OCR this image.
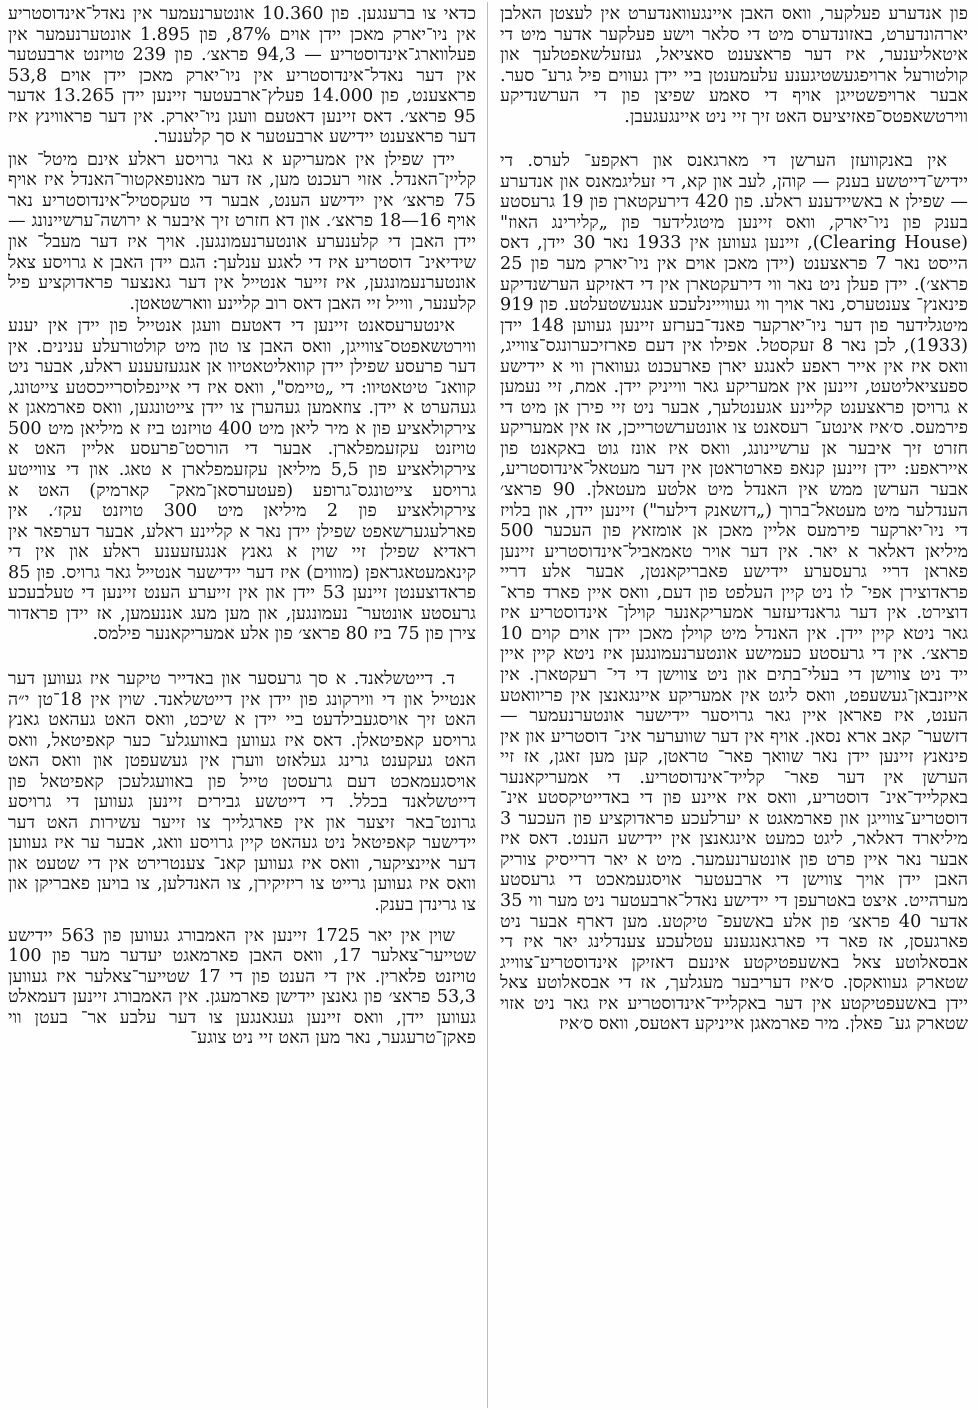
פון אנדערע פעלקער, וואס האבן איינגעוואנדערט אין לעצטן האלבן יארהונדערט, באזונדערס מיט די סלאר וישע פעלקער אדער מיט די איטאליענער, איז דער פראצענט סאציאל, געזעלשאפטלעך און קולטורעל ארויפגעשטיגענע עלעמענטן ביי יידן געווים פיל גרע־ סער. אבער ארויפשטייגן אויף די סאמע שפיצן פון די הערשנדיקע ווירטשאפטס־פאזיציעס האט זיך זיי ניט איינגעגעבן.

אין באנקוועזן הערשן די מארגאנס און ראקפע־ לערס. די יידיש־דייטשע בענק — קוהן, לעב און קא, די זעליגמאנס און אנדערע — שפילן א באשיידענע ראלע. פון 420 דירעקטארן פון 19 גרעסטע בענק פון ניו־יארק, וואס זיינען מיטגלידער פון „קלירינג האוז" (Clearing House), זיינען געווען אין 1933 נאר 30 יידן, דאס הייסט נאר 7 פראצענט (יידן מאכן אוים אין ניו־יארק מער פון 25 פראצ׳). יידן פעלן ניט נאר ווי דירעקטארן אין די דאזיקע הערשנדיקע פינאנץ־ צענטערס, נאר אויך ווי געווייינלעכע אנגעשטעלטע. פון 919 מיטגלידער פון דער ניו־יארקער פאנד־בערזע זיינען געווען 148 יידן (1933), לכן נאר 8 זעקסטל. אפילו אין דעם פארזיכערונגס־צווייג, וואס איז אין אייר ראפע לאנגע יארן פארעכנט געווארן ווי א יידישע ספעציאליטעט, זיינען אין אמעריקע גאר ווייניק יידן. אמת, זיי נעמען א גרויסן פראצענט קליינע אגענטלעך, אבער ניט זיי פירן אן מיט די פירמעס. ס׳איז אינטע־ רעסאנט צו אונטערשטרייכן, אז אין אמעריקע חזרט זיך איבער אן ערשיינונג, וואס איז אונז גוט באקאנט פון אייראפע: יידן זיינען קנאפ פארטראטן אין דער מעטאל־אינדוסטריע, אבער הערשן ממש אין האנדל מיט אלטע מעטאלן. 90 פראצ׳ הענדלער מיט מעטאל־ברוך („דזשאנק דילער") זיינען יידן, און בלויז די ניו־יארקער פירמעס אליין מאכן אן אומזאץ פון העכער 500 מיליאן דאלאר א יאר. אין דער אויר טאמאביל־אינדוסטריע זיינען פאראן דריי גרעסערע יידישע פאבריקאנטן, אבער אלע דריי פראדוצירן אפי־ לו ניט קיין העלפט פון דעם, וואס איין פארד פרא־ דוצירט. אין דער גראנדיעזער אמעריקאנער קוילן־ אינדוסטריע איז גאר ניטא קיין יידן. אין האנדל מיט קוילן מאכן יידן אוים קוים 10 פראצ׳. אין די גרעסטע כעמישע אונטערנעמונגען איז ניטא קיין איין ייד ניט צווישן די בעלי־בתים און ניט צווישן די די־ רעקטארן. אין אייזנבאן־געשעפט, וואס ליגט אין אמעריקע איינגאנצן אין פריוואטע הענט, איז פאראן איין גאר גרויסער יידישער אונטערנעמער — דזשער־ קאב ארא נסאן. אויף אין דער שווערער אינ־ דוסטריע און אין פינאנץ זיינען יידן נאר שוואך פאר־ טראטן, קען מען זאגן, אז זיי הערשן אין דער פאר־ קלייד־אינדוסטריע. די אמעריקאנער באקלייד־אינ־ דוסטריע, וואס איז איינע פון די באדייטיקסטע אינ־ דוסטריע־צווייגן און פארמאגט א יערלעכע פראדוקציע פון העכער 3 מיליארד דאלאר, ליגט כמעט אינגאנצן אין יידישע הענט. דאס איז אבער נאר איין פרט פון אונטערנעמער. מיט א יאר דרייסיק צוריק האבן יידן אויך צווישן די ארבעטער אויסגעמאכט די גרעסטע מערהייט. איצט באטרעפן די יידישע נאדל־ארבעטער ניט מער ווי 35 אדער 40 פראצ׳ פון אלע באשעפ־ טיקטע. מען דארף אבער ניט פארגעסן, אז פאר די פארגאנגענע עטלעכע צענדלינג יאר איז די אבסאלוטע צאל באשעפטיקטע אינעם דאזיקן אינדוסטריע־צווייג שטארק געוואקסן. ס׳איז דעריבער מעגלעך, אז די אבסאלוטע צאל יידן באשעפטיקטע אין דער באקלייד־אינדוסטריע איז גאר ניט אזוי שטארק גע־ פאלן. מיר פארמאגן אייניקע דאטעס, וואס ס׳איז

כדאי צו ברענגען. פון 10.360 אונטערנעמער אין נאדל־אינדוסטריע אין ניו־יארק מאכן יידן אוים 87%, פון 1.895 אונטערנעמער אין פעלווארג־אינדוסטריע — 94,3 פראצ׳. פון 239 טויזנט ארבעטער אין דער נאדל־אינדוסטריע אין ניו־יארק מאכן יידן אוים 53,8 פראצענט, פון 14.000 פעלץ־ארבעטער זיינען יידן 13.265 אדער 95 פראצ׳. דאס זיינען דאטעם וועגן ניו־יארק. אין דער פראווינץ איז דער פראצענט יידישע ארבעטער א סך קלענער.

יידן שפילן אין אמעריקע א גאר גרויסע ראלע אינם מיטל־ און קליין־האנדל. אזוי רעכנט מען, אז דער מאנופאקטור־האנדל איז אויף 75 פראצ׳ אין יידישע הענט, אבער די טעקסטיל־אינדוסטריע נאר אויף 16—18 פראצ׳. און דא חזרט זיך איבער א ירושה־ערשיינונג — יידן האבן די קלענערע אונטערנעמונגען. אויך איז דער מעבל־ און שידיאינ־ דוסטריע איז די לאגע ענלעך: הגם יידן האבן א גרויסע צאל אונטערנעמונגען, איז זייער אנטייל אין דער גאנצער פראדוקציע פיל קלענער, ווייל זיי האבן דאס רוב קליינע ווארשטאטן.

אינטערעסאנט זיינען די דאטעם וועגן אנטייל פון יידן אין יענע ווירטשאפטס־צווייגן, וואס האבן צו טון מיט קולטורעלע ענינים. אין דער פרעסע שפילן יידן קוואליטאטיוו אן אנגעזעענע ראלע, אבער ניט קוואנ־ טיטאטיוו: די „טיימס", וואס איז די איינפלוסרייכסטע צייטונג, געהערט א יידן. צוזאמען געהערן צו יידן צייטונגען, וואס פארמאגן א צירקולאציע פון א מיר ליאן מיט 400 טויזנט ביז א מיליאן מיט 500 טויזנט עקזעמפלארן. אבער די הורסט־פרעסע אליין האט א צירקולאציע פון 5,5 מיליאן עקזעמפלארן א טאג. און די צווייטע גרויסע צייטונגס־גרופע (פעטערסאן־מאק־ קארמיק) האט א צירקולאציע פון 2 מיליאן מיט 300 טויזנט עקז׳. אין פארלעגערשאפט שפילן יידן נאר א קליינע ראלע, אבער דערפאר אין ראדיא שפילן זיי שוין א גאנץ אנגעזעענע ראלע און אין די קינאמעטאגראפן (מוווים) איז דער יידישער אנטייל גאר גרויס. פון 85 פראדוצענטן זיינען 53 יידן און אין זייערע הענט זיינען די טעלבעכע גרעסטע אונטער־ נעמונגען, און מען מעג אננעמען, אז יידן פראדור צירן פון 75 ביז 80 פראצ׳ פון אלע אמעריקאנער פילמס.

ד. דייטשלאנד. א סך גרעסער און באדייר טיקער איז געווען דער אנטייל און די ווירקונג פון יידן אין דייטשלאנד. שוין אין 18־טן י״ה האט זיך אויסגעבילדעט ביי יידן א שיכט, וואס האט געהאט גאנץ גרויסע קאפיטאלן. דאס איז געווען באוועגלע־ כער קאפיטאל, וואס האט געקענט גרינג געלאזט ווערן אין געשעפטן און וואס האט אויסגעמאכט דעם גרעסטן טייל פון באוועגלעכן קאפיטאל פון דייטשלאנד בכלל. די דייטשע גבירים זיינען געווען די גרויסע גרונט־באר זיצער און אין פארגלייך צו זייער עשירות האט דער יידישער קאפיטאל ניט געהאט קיין גרויסע וואג, אבער ער איז געווען דער איינציקער, וואס איז געווען קאנ־ צענטרירט אין די שטעט און וואס איז געווען גרייט צו ריזיקירן, צו האנדלען, צו בויען פאבריקן און צו גרינדן בענק.

שוין אין יאר 1725 זיינען אין האמבורג געווען פון 563 יידישע שטייער־צאלער 17, וואס האבן פארמאגט יעדער מער פון 100 טויזנט פלארין. אין די הענט פון די 17 שטייער־צאלער איז געווען 53,3 פראצ׳ פון גאנצן יידישן פארמעגן. אין האמבורג זיינען דעמאלט געווען יידן, וואס זיינען געגאנגען צו דער עלבע אר־ בעטן ווי פאקן־טרעגער, נאר מען האט זיי ניט צוגע־
